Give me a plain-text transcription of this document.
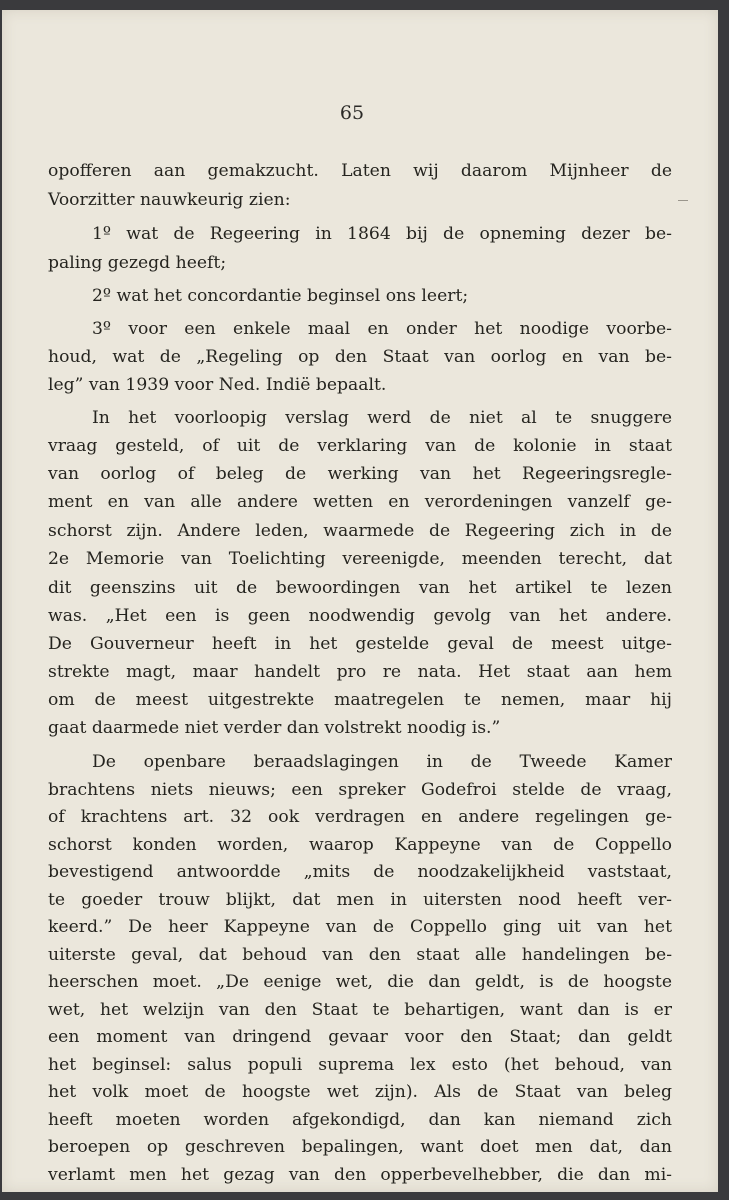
65
opofferen aan gemakzucht. Laten wij daarom Mijnheer de
Voorzitter nauwkeurig zien:
1º wat de Regeering in 1864 bij de opneming dezer be-
paling gezegd heeft;
2º wat het concordantie beginsel ons leert;
3º voor een enkele maal en onder het noodige voorbe-
houd, wat de „Regeling op den Staat van oorlog en van be-
leg” van 1939 voor Ned. Indië bepaalt.
In het voorloopig verslag werd de niet al te snuggere
vraag gesteld, of uit de verklaring van de kolonie in staat
van oorlog of beleg de werking van het Regeeringsregle-
ment en van alle andere wetten en verordeningen vanzelf ge-
schorst zijn. Andere leden, waarmede de Regeering zich in de
2e Memorie van Toelichting vereenigde, meenden terecht, dat
dit geenszins uit de bewoordingen van het artikel te lezen
was. „Het een is geen noodwendig gevolg van het andere.
De Gouverneur heeft in het gestelde geval de meest uitge-
strekte magt, maar handelt pro re nata. Het staat aan hem
om de meest uitgestrekte maatregelen te nemen, maar hij
gaat daarmede niet verder dan volstrekt noodig is.”
De openbare beraadslagingen in de Tweede Kamer
brachtens niets nieuws; een spreker Godefroi stelde de vraag,
of krachtens art. 32 ook verdragen en andere regelingen ge-
schorst konden worden, waarop Kappeyne van de Coppello
bevestigend antwoordde „mits de noodzakelijkheid vaststaat,
te goeder trouw blijkt, dat men in uitersten nood heeft ver-
keerd.” De heer Kappeyne van de Coppello ging uit van het
uiterste geval, dat behoud van den staat alle handelingen be-
heerschen moet. „De eenige wet, die dan geldt, is de hoogste
wet, het welzijn van den Staat te behartigen, want dan is er
een moment van dringend gevaar voor den Staat; dan geldt
het beginsel: salus populi suprema lex esto (het behoud, van
het volk moet de hoogste wet zijn). Als de Staat van beleg
heeft moeten worden afgekondigd, dan kan niemand zich
beroepen op geschreven bepalingen, want doet men dat, dan
verlamt men het gezag van den opperbevelhebber, die dan mi-
